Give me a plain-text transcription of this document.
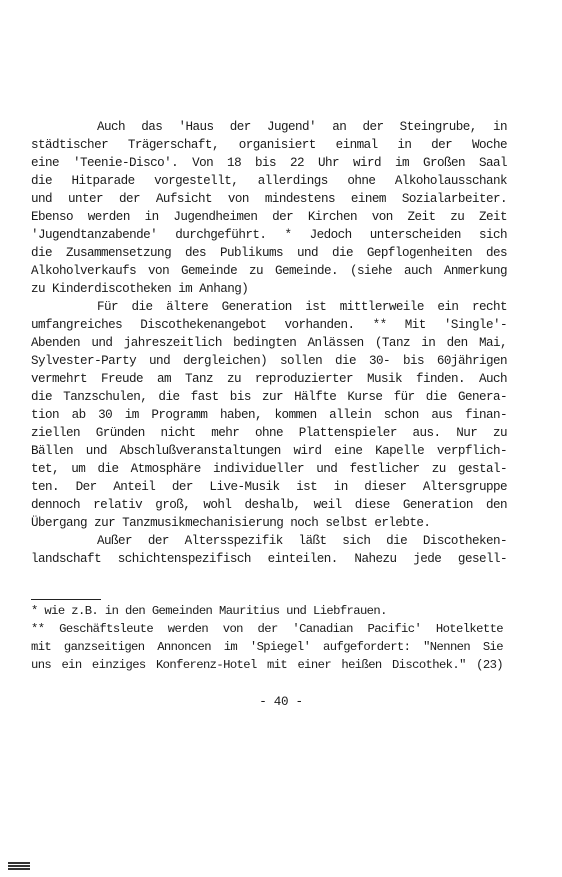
Auch das 'Haus der Jugend' an der Steingrube, in
städtischer Trägerschaft, organisiert einmal in der Woche
eine 'Teenie-Disco'. Von 18 bis 22 Uhr wird im Großen Saal
die Hitparade vorgestellt, allerdings ohne Alkoholausschank
und unter der Aufsicht von mindestens einem Sozialarbeiter.
Ebenso werden in Jugendheimen der Kirchen von Zeit zu Zeit
'Jugendtanzabende' durchgeführt. * Jedoch unterscheiden sich
die Zusammensetzung des Publikums und die Gepflogenheiten des
Alkoholverkaufs von Gemeinde zu Gemeinde. (siehe auch Anmerkung
zu Kinderdiscotheken im Anhang)
Für die ältere Generation ist mittlerweile ein recht
umfangreiches Discothekenangebot vorhanden. ** Mit 'Single'-
Abenden und jahreszeitlich bedingten Anlässen (Tanz in den Mai,
Sylvester-Party und dergleichen) sollen die 30- bis 60jährigen
vermehrt Freude am Tanz zu reproduzierter Musik finden. Auch
die Tanzschulen, die fast bis zur Hälfte Kurse für die Genera-
tion ab 30 im Programm haben, kommen allein schon aus finan-
ziellen Gründen nicht mehr ohne Plattenspieler aus. Nur zu
Bällen und Abschlußveranstaltungen wird eine Kapelle verpflich-
tet, um die Atmosphäre individueller und festlicher zu gestal-
ten. Der Anteil der Live-Musik ist in dieser Altersgruppe
dennoch relativ groß, wohl deshalb, weil diese Generation den
Übergang zur Tanzmusikmechanisierung noch selbst erlebte.
Außer der Altersspezifik läßt sich die Discotheken-
landschaft schichtenspezifisch einteilen. Nahezu jede gesell-
* wie z.B. in den Gemeinden Mauritius und Liebfrauen.
** Geschäftsleute werden von der 'Canadian Pacific' Hotelkette
mit ganzseitigen Annoncen im 'Spiegel' aufgefordert: "Nennen Sie
uns ein einziges Konferenz-Hotel mit einer heißen Discothek." (23)
- 40 -
